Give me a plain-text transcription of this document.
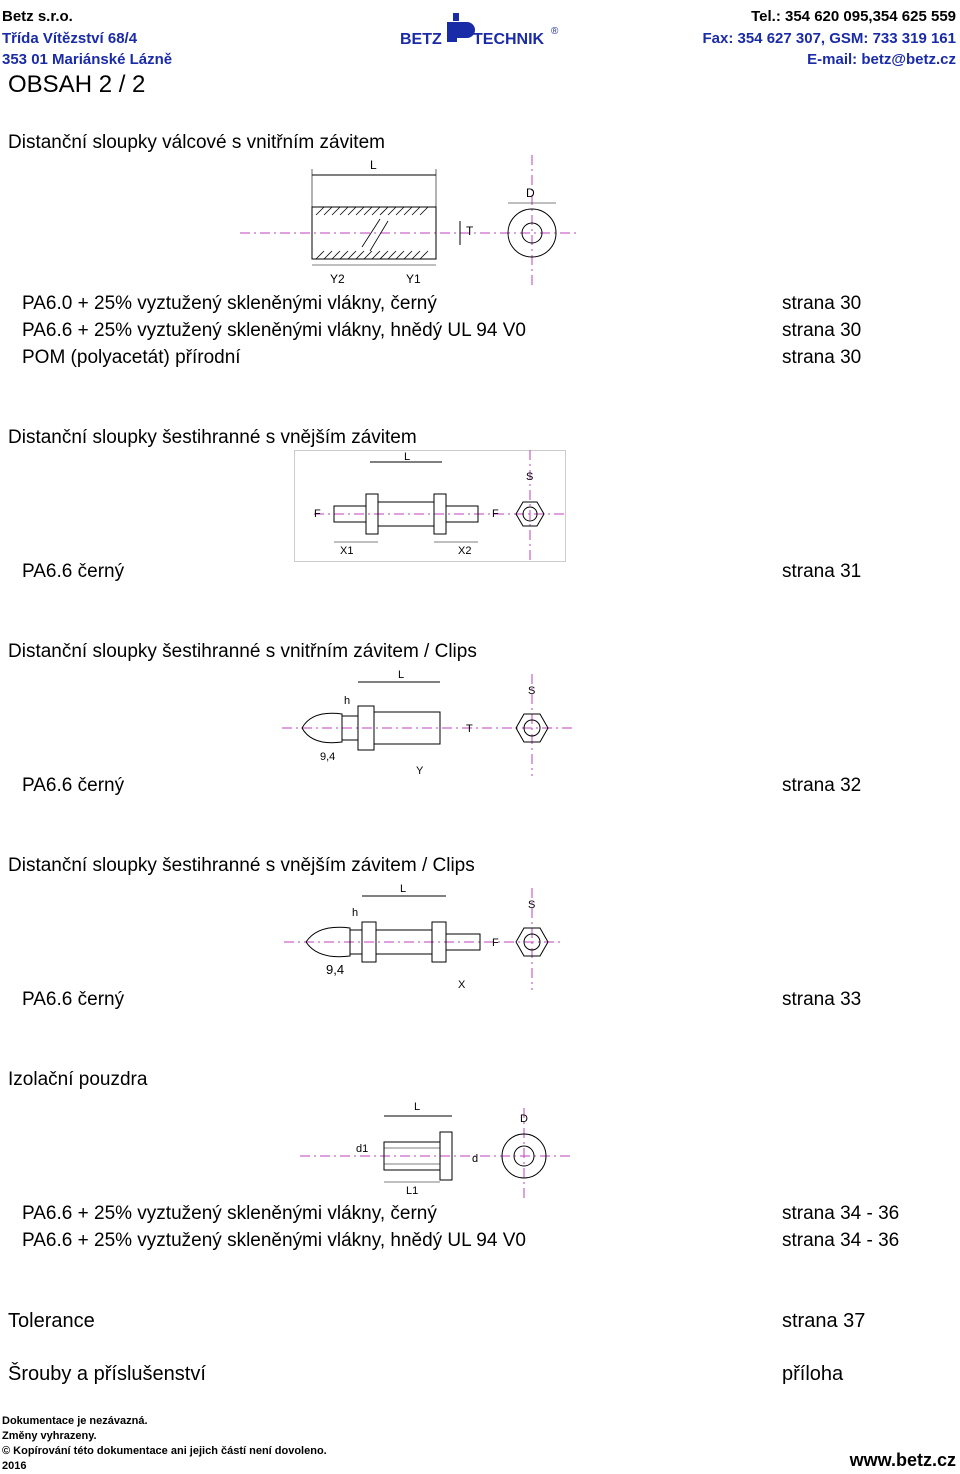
Betz s.r.o.
Třída Vítězství 68/4
353 01 Mariánské Lázně
Tel.: 354 620 095,354 625 559
Fax: 354 627 307, GSM: 733 319 161
E-mail: betz@betz.cz
BETZ TECHNIK ®
OBSAH 2 / 2
Distanční sloupky válcové s vnitřním závitem
L
Y2	Y1
T
D
PA6.0 + 25% vyztužený skleněnými vlákny, černý	strana 30
PA6.6 + 25% vyztužený skleněnými vlákny, hnědý UL 94 V0	strana 30
POM (polyacetát) přírodní	strana 30
Distanční sloupky šestihranné s vnějším závitem
L
F	F
X1	X2
S
PA6.6 černý	strana 31
Distanční sloupky šestihranné s vnitřním závitem / Clips
L
h
T
9,4
Y
S
PA6.6 černý	strana 32
Distanční sloupky šestihranné s vnějším závitem / Clips
L
h
F
9,4
X
S
PA6.6 černý	strana 33
Izolační pouzdra
L
d1
d
L1
D
PA6.6 + 25% vyztužený skleněnými vlákny, černý	strana 34 - 36
PA6.6 + 25% vyztužený skleněnými vlákny, hnědý UL 94 V0	strana 34 - 36
Tolerance	strana 37
Šrouby a příslušenství	příloha
Dokumentace je nezávazná.
Změny vyhrazeny.
© Kopírování této dokumentace ani jejich částí není dovoleno.
2016	www.betz.cz
